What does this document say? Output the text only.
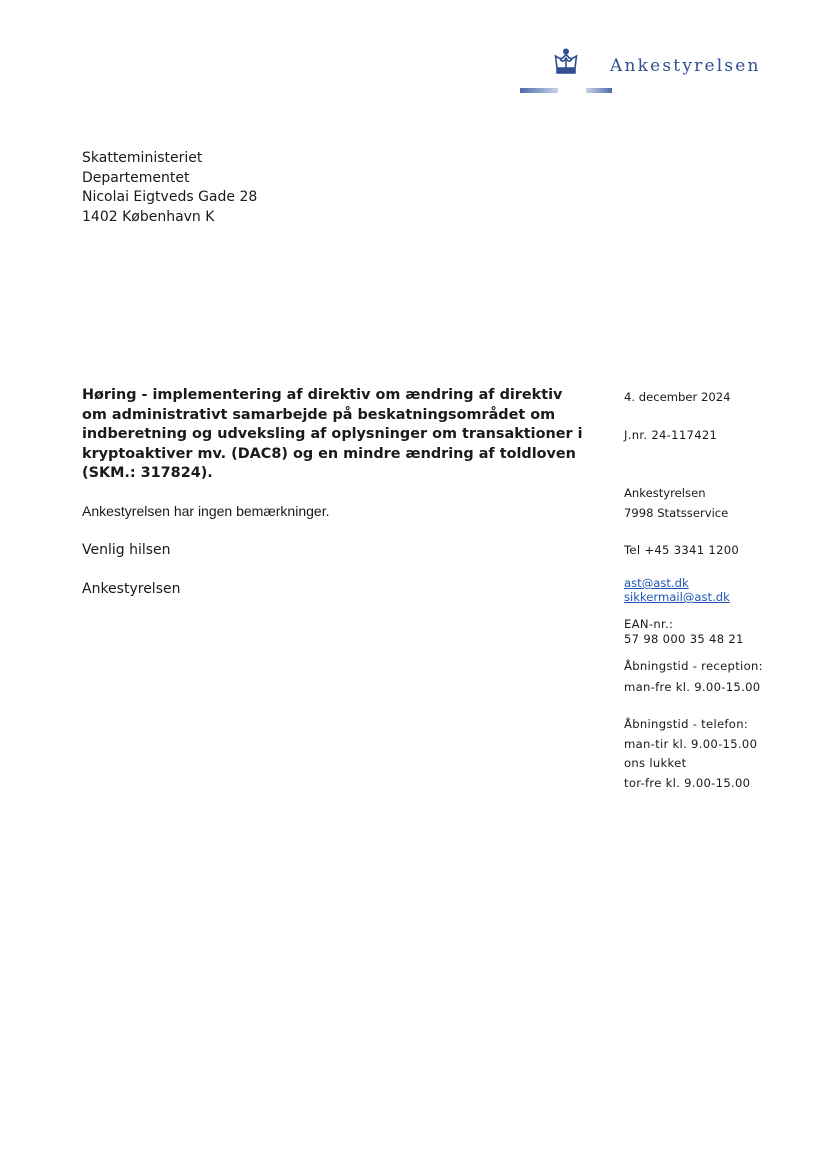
Ankestyrelsen
Skatteministeriet
Departementet
Nicolai Eigtveds Gade 28
1402 København K

Høring - implementering af direktiv om ændring af direktiv om administrativt samarbejde på beskatningsområdet om indberetning og udveksling af oplysninger om transaktioner i kryptoaktiver mv. (DAC8) og en mindre ændring af toldloven (SKM.: 317824).

Ankestyrelsen har ingen bemærkninger.
Venlig hilsen
Ankestyrelsen
4. december 2024
J.nr. 24-117421
Ankestyrelsen
7998 Statsservice
Tel +45 3341 1200
ast@ast.dk
sikkermail@ast.dk
EAN-nr.:
57 98 000 35 48 21
Åbningstid - reception:
man-fre kl. 9.00-15.00
Åbningstid - telefon:
man-tir kl. 9.00-15.00
ons lukket
tor-fre kl. 9.00-15.00
